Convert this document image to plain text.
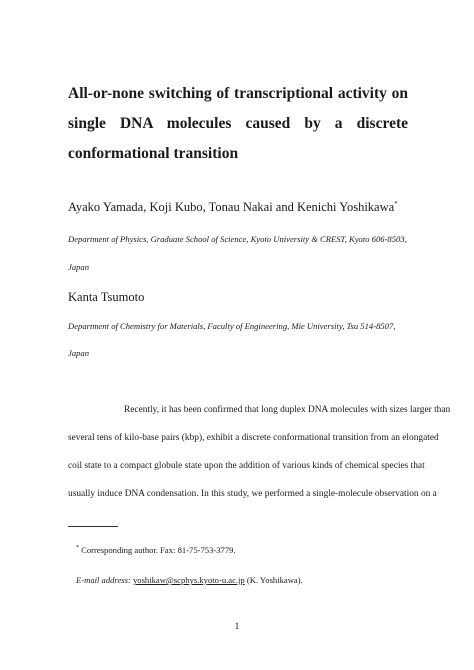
All-or-none switching of transcriptional activity on
single DNA molecules caused by a discrete
conformational transition
Ayako Yamada, Koji Kubo, Tonau Nakai and Kenichi Yoshikawa*
Department of Physics, Graduate School of Science, Kyoto University & CREST, Kyoto 606-8503,
Japan
Kanta Tsumoto
Department of Chemistry for Materials, Faculty of Engineering, Mie University, Tsu 514-8507,
Japan
Recently, it has been confirmed that long duplex DNA molecules with sizes larger than
several tens of kilo-base pairs (kbp), exhibit a discrete conformational transition from an elongated
coil state to a compact globule state upon the addition of various kinds of chemical species that
usually induce DNA condensation. In this study, we performed a single-molecule observation on a
* Corresponding author. Fax: 81-75-753-3779.
E-mail address: yoshikaw@scphys.kyoto-u.ac.jp (K. Yoshikawa).
1
